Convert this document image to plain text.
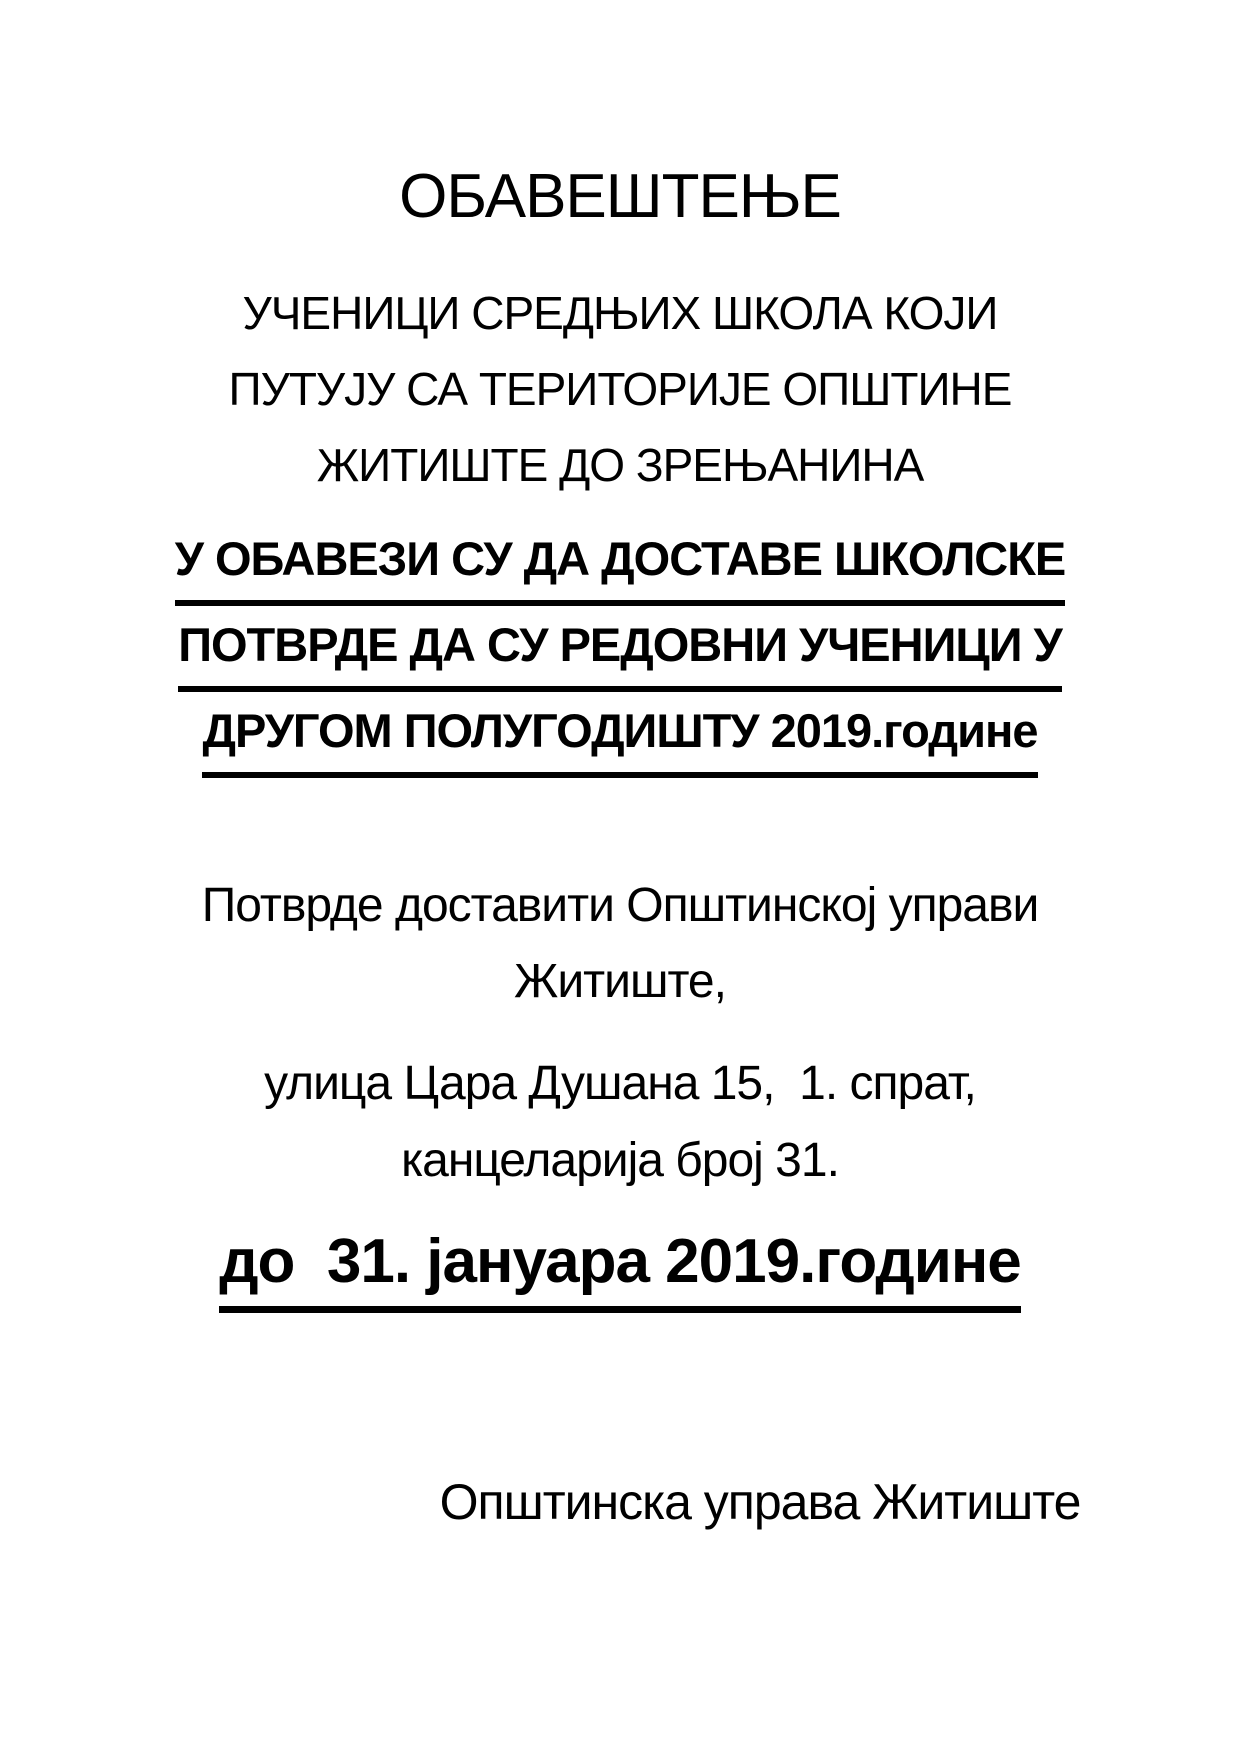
ОБАВЕШТЕЊЕ
УЧЕНИЦИ СРЕДЊИХ ШКОЛА КОЈИ
ПУТУЈУ СА ТЕРИТОРИЈЕ ОПШТИНЕ
ЖИТИШТЕ ДО ЗРЕЊАНИНА
У ОБАВЕЗИ СУ ДА ДОСТАВЕ ШКОЛСКЕ
ПОТВРДЕ ДА СУ РЕДОВНИ УЧЕНИЦИ У
ДРУГОМ ПОЛУГОДИШТУ 2019.године
Потврде доставити Општинској управи
Житиште,
улица Цара Душана 15,  1. спрат,
канцеларија број 31.
до  31. јануара 2019.године
Општинска управа Житиште
